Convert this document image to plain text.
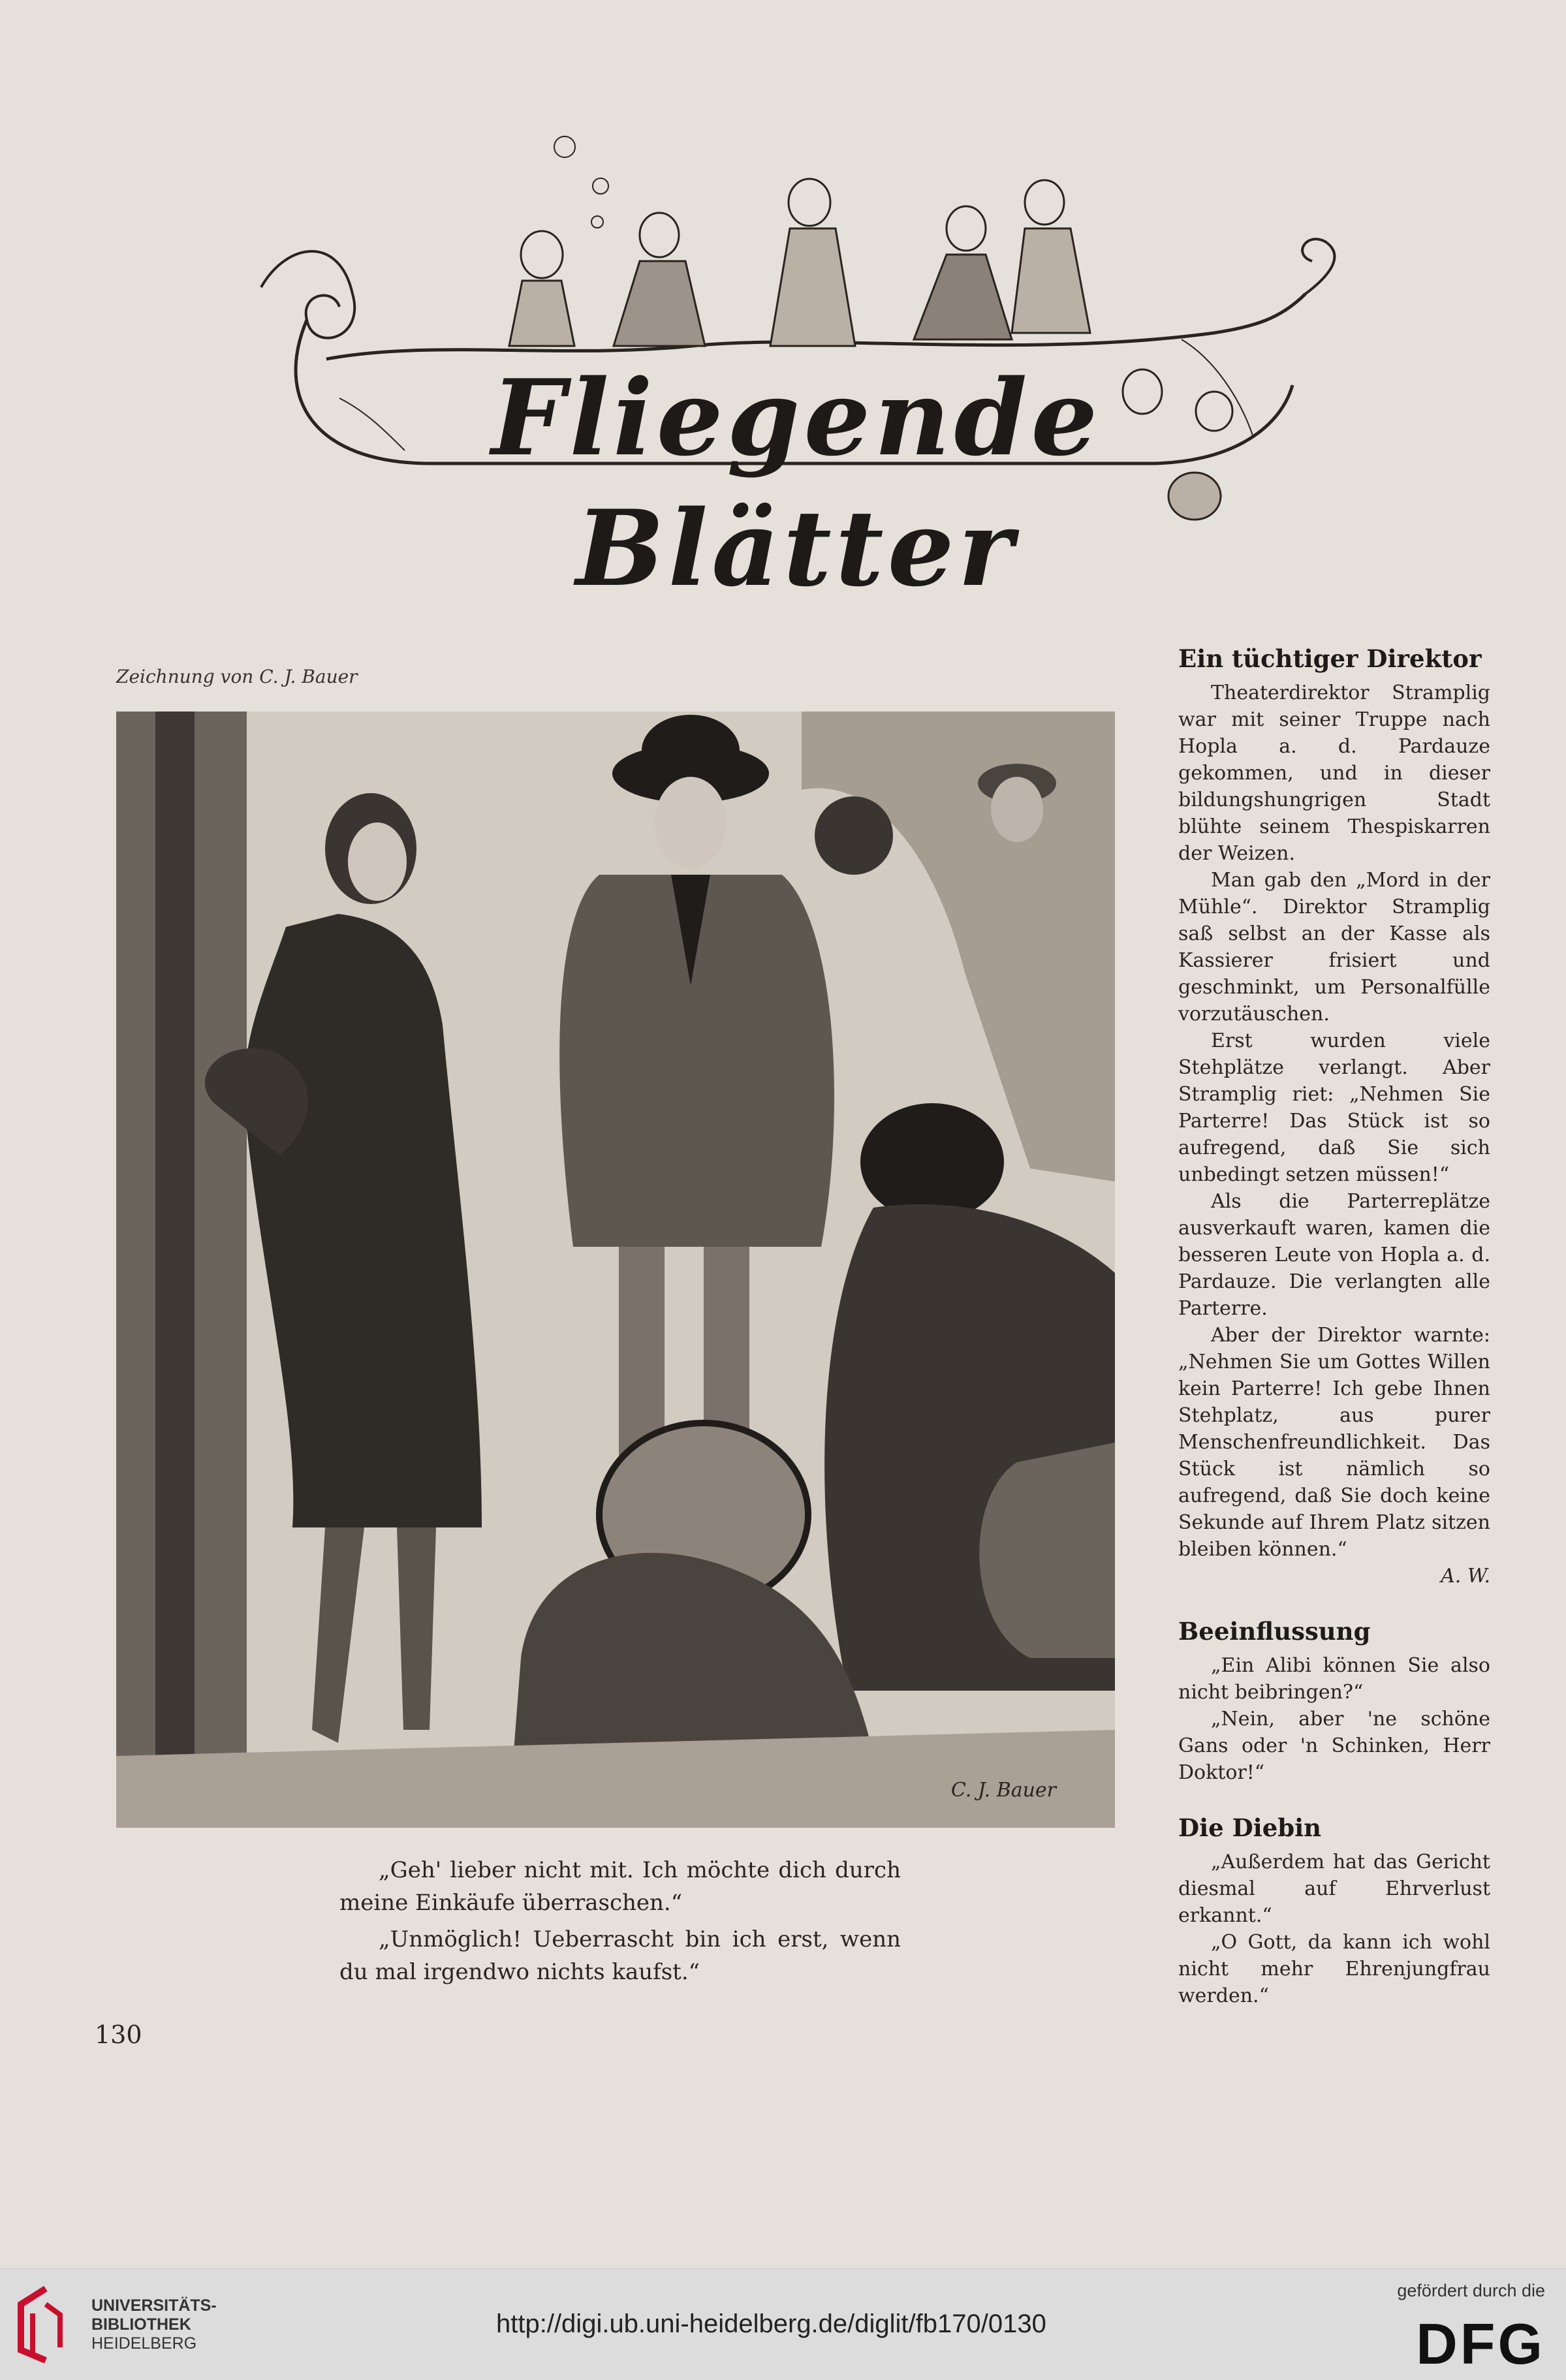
Fliegende Blätter
Zeichnung von C. J. Bauer
C. J. Bauer

„Geh' lieber nicht mit. Ich möchte dich durch meine Einkäufe überraschen.“

„Unmöglich! Ueberrascht bin ich erst, wenn du mal irgendwo nichts kaufst.“

130
Ein tüchtiger Direktor

Theaterdirektor Stramplig war mit seiner Truppe nach Hopla a. d. Pardauze gekommen, und in dieser bildungshungrigen Stadt blühte seinem Thespiskarren der Weizen.

Man gab den „Mord in der Mühle“. Direktor Stramplig saß selbst an der Kasse als Kassierer frisiert und geschminkt, um Personalfülle vorzutäuschen.

Erst wurden viele Stehplätze verlangt. Aber Stramplig riet: „Nehmen Sie Parterre! Das Stück ist so aufregend, daß Sie sich unbedingt setzen müssen!“

Als die Parterreplätze ausverkauft waren, kamen die besseren Leute von Hopla a. d. Pardauze. Die verlangten alle Parterre.

Aber der Direktor warnte: „Nehmen Sie um Gottes Willen kein Parterre! Ich gebe Ihnen Stehplatz, aus purer Menschenfreundlichkeit. Das Stück ist nämlich so aufregend, daß Sie doch keine Sekunde auf Ihrem Platz sitzen bleiben können.“

A. W.
Beeinflussung

„Ein Alibi können Sie also nicht beibringen?“

„Nein, aber 'ne schöne Gans oder 'n Schinken, Herr Doktor!“

Die Diebin

„Außerdem hat das Gericht diesmal auf Ehrverlust erkannt.“

„O Gott, da kann ich wohl nicht mehr Ehrenjungfrau werden.“

UNIVERSITÄTS-
BIBLIOTHEK
HEIDELBERG
http://digi.ub.uni-heidelberg.de/diglit/fb170/0130
gefördert durch die
DFG
